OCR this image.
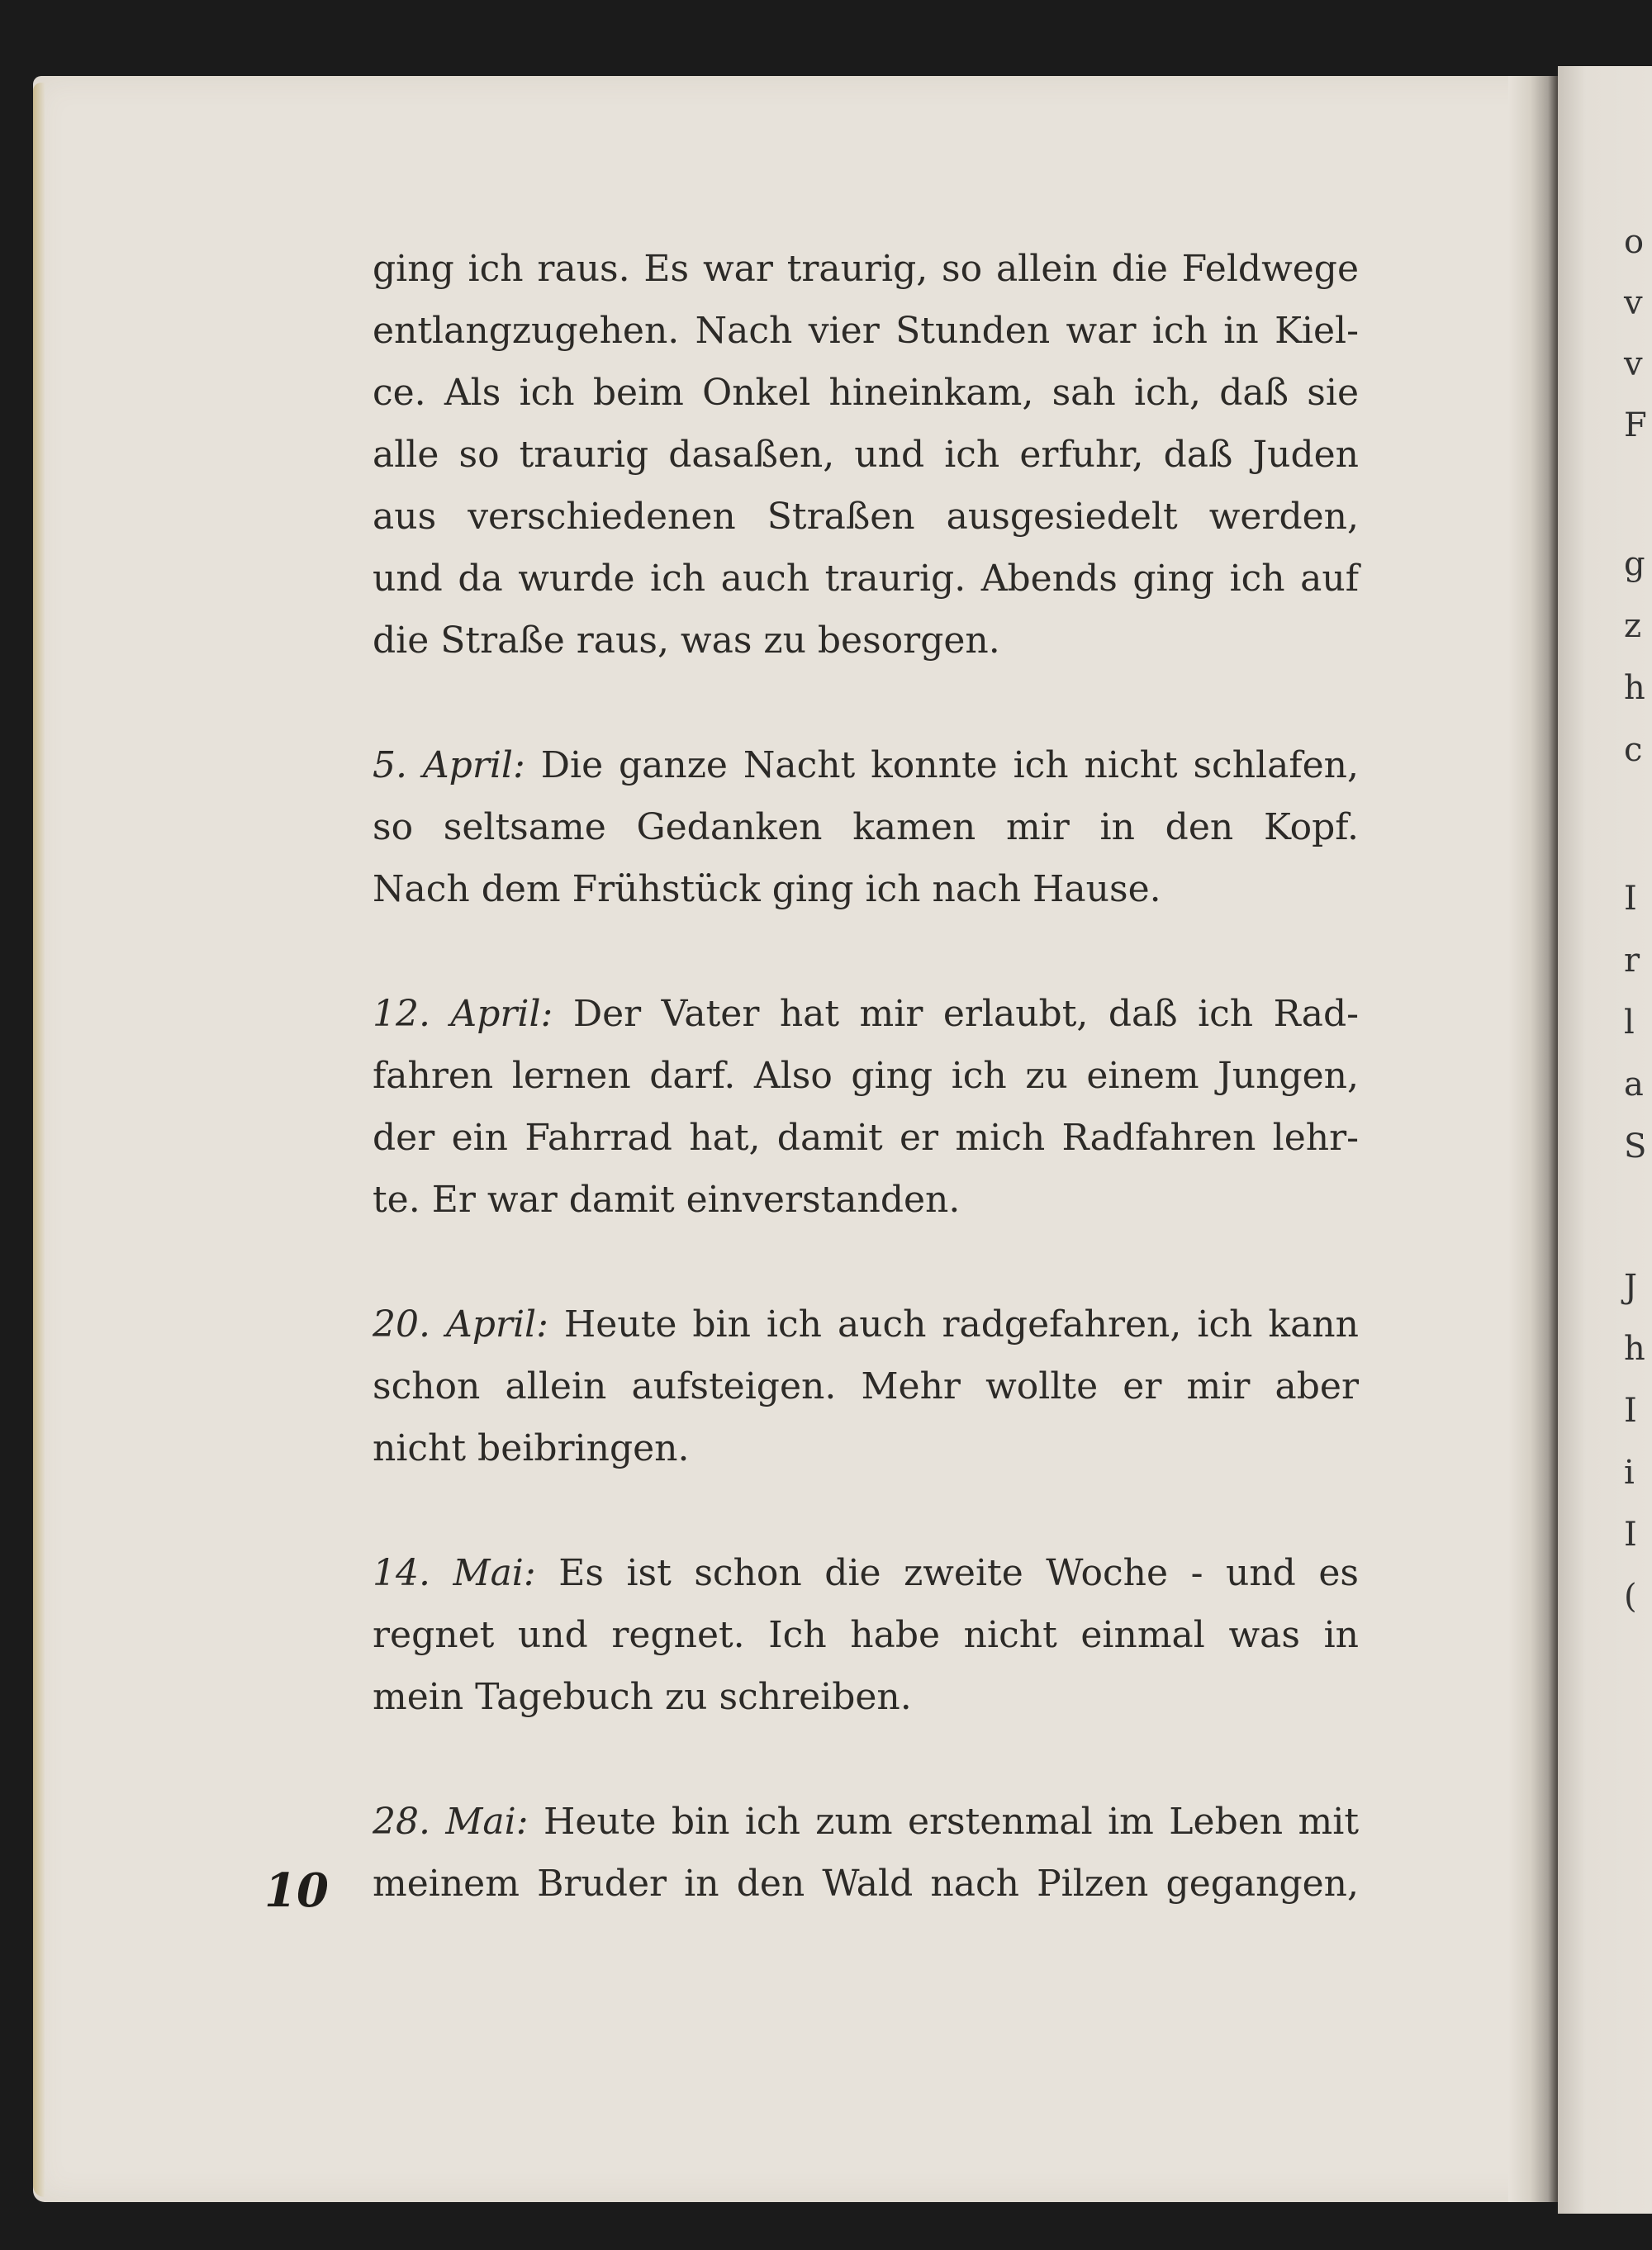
o
v
v
F
g
z
h
c
I
r
l
a
S
J
h
I
i
I
(
ging ich raus. Es war traurig, so allein die Feldwege
entlangzugehen. Nach vier Stunden war ich in Kiel-
ce. Als ich beim Onkel hineinkam, sah ich, daß sie
alle so traurig dasaßen, und ich erfuhr, daß Juden
aus verschiedenen Straßen ausgesiedelt werden,
und da wurde ich auch traurig. Abends ging ich auf
die Straße raus, was zu besorgen.
5. April: Die ganze Nacht konnte ich nicht schlafen,
so seltsame Gedanken kamen mir in den Kopf.
Nach dem Frühstück ging ich nach Hause.
12. April: Der Vater hat mir erlaubt, daß ich Rad-
fahren lernen darf. Also ging ich zu einem Jungen,
der ein Fahrrad hat, damit er mich Radfahren lehr-
te. Er war damit einverstanden.
20. April: Heute bin ich auch radgefahren, ich kann
schon allein aufsteigen. Mehr wollte er mir aber
nicht beibringen.
14. Mai: Es ist schon die zweite Woche - und es
regnet und regnet. Ich habe nicht einmal was in
mein Tagebuch zu schreiben.
28. Mai: Heute bin ich zum erstenmal im Leben mit
meinem Bruder in den Wald nach Pilzen gegangen,
10
